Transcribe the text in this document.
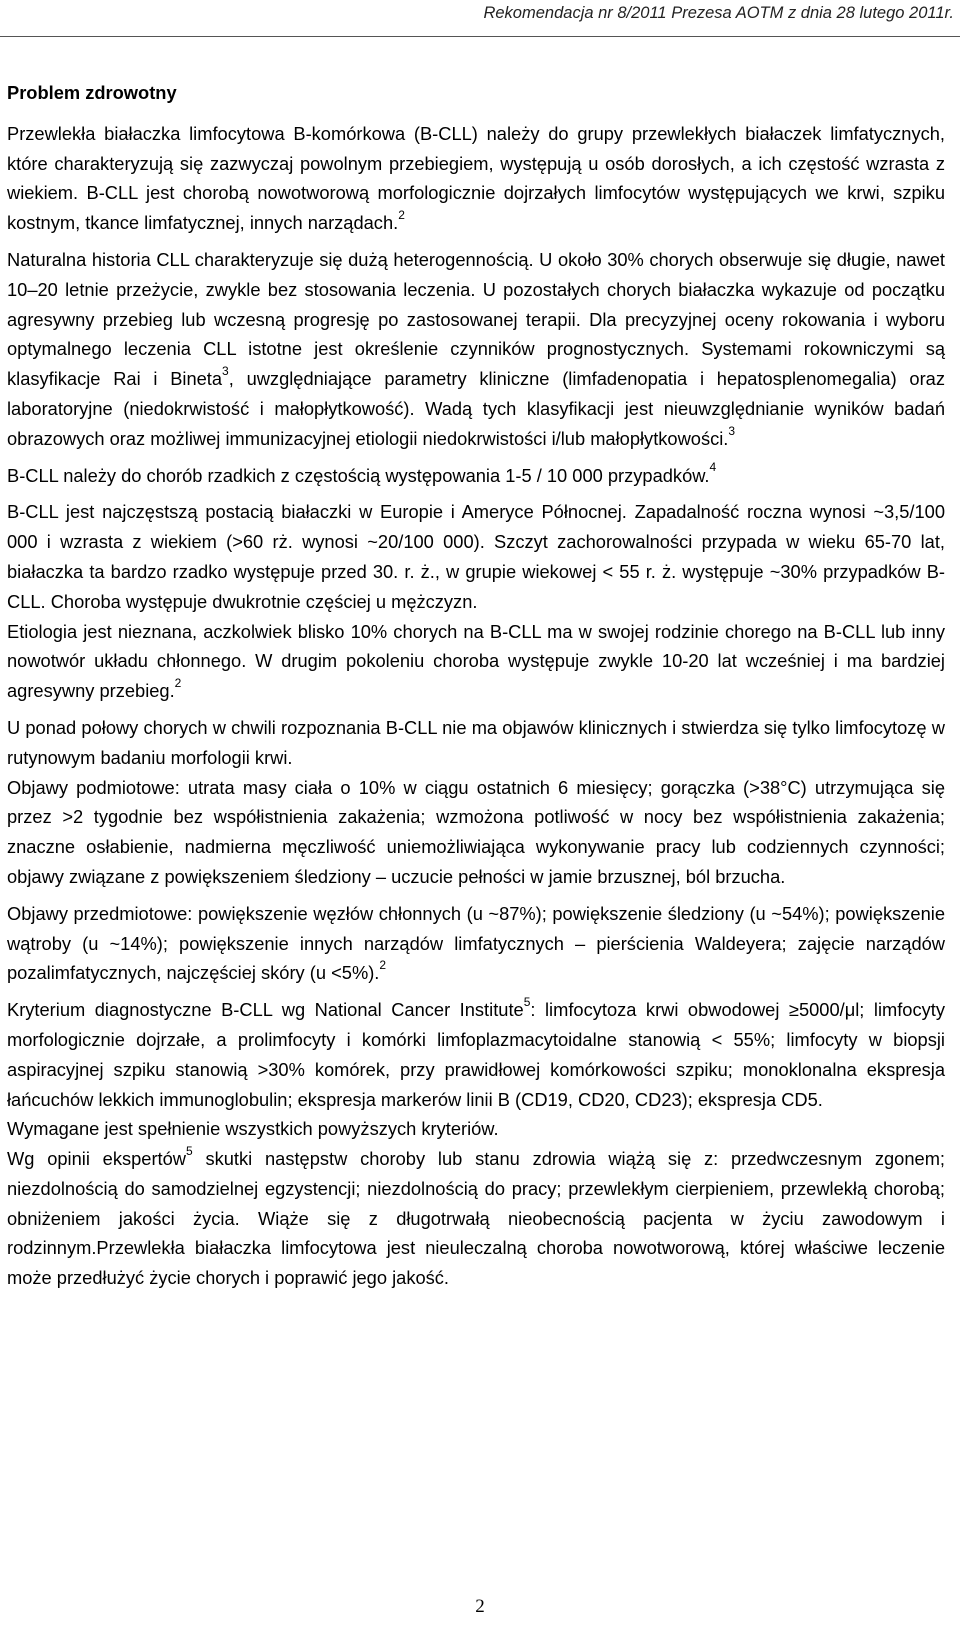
Rekomendacja nr 8/2011 Prezesa AOTM z dnia 28 lutego 2011r.

Problem zdrowotny

Przewlekła białaczka limfocytowa B-komórkowa (B-CLL) należy do grupy przewlekłych białaczek limfatycznych, które charakteryzują się zazwyczaj powolnym przebiegiem, występują u osób dorosłych, a ich częstość wzrasta z wiekiem. B-CLL jest chorobą nowotworową morfologicznie dojrzałych limfocytów występujących we krwi, szpiku kostnym, tkance limfatycznej, innych narządach.$^2$

Naturalna historia CLL charakteryzuje się dużą heterogennością. U około 30% chorych obserwuje się długie, nawet 10–20 letnie przeżycie, zwykle bez stosowania leczenia. U pozostałych chorych białaczka wykazuje od początku agresywny przebieg lub wczesną progresję po zastosowanej terapii. Dla precyzyjnej oceny rokowania i wyboru optymalnego leczenia CLL istotne jest określenie czynników prognostycznych. Systemami rokowniczymi są klasyfikacje Rai i Bineta$^3$, uwzględniające parametry kliniczne (limfadenopatia i hepatosplenomegalia) oraz laboratoryjne (niedokrwistość i małopłytkowość). Wadą tych klasyfikacji jest nieuwzględnianie wyników badań obrazowych oraz możliwej immunizacyjnej etiologii niedokrwistości i/lub małopłytkowości.$^3$

B-CLL należy do chorób rzadkich z częstością występowania 1-5 / 10 000 przypadków.$^4$

B-CLL jest najczęstszą postacią białaczki w Europie i Ameryce Północnej. Zapadalność roczna wynosi ~3,5/100 000 i wzrasta z wiekiem (>60 rż. wynosi ~20/100 000). Szczyt zachorowalności przypada w wieku 65-70 lat, białaczka ta bardzo rzadko występuje przed 30. r. ż., w grupie wiekowej < 55 r. ż. występuje ~30% przypadków B-CLL. Choroba występuje dwukrotnie częściej u mężczyzn.

Etiologia jest nieznana, aczkolwiek blisko 10% chorych na B-CLL ma w swojej rodzinie chorego na B-CLL lub inny nowotwór układu chłonnego. W drugim pokoleniu choroba występuje zwykle 10-20 lat wcześniej i ma bardziej agresywny przebieg.$^2$

U ponad połowy chorych w chwili rozpoznania B-CLL nie ma objawów klinicznych i stwierdza się tylko limfocytozę w rutynowym badaniu morfologii krwi.

Objawy podmiotowe: utrata masy ciała o 10% w ciągu ostatnich 6 miesięcy; gorączka (>38°C) utrzymująca się przez >2 tygodnie bez współistnienia zakażenia; wzmożona potliwość w nocy bez współistnienia zakażenia; znaczne osłabienie, nadmierna męczliwość uniemożliwiająca wykonywanie pracy lub codziennych czynności; objawy związane z powiększeniem śledziony – uczucie pełności w jamie brzusznej, ból brzucha.

Objawy przedmiotowe: powiększenie węzłów chłonnych (u ~87%); powiększenie śledziony (u ~54%); powiększenie wątroby (u ~14%); powiększenie innych narządów limfatycznych – pierścienia Waldeyera; zajęcie narządów pozalimfatycznych, najczęściej skóry (u <5%).$^2$

Kryterium diagnostyczne B-CLL wg National Cancer Institute$^5$: limfocytoza krwi obwodowej ≥5000/μl; limfocyty morfologicznie dojrzałe, a prolimfocyty i komórki limfoplazmacytoidalne stanowią < 55%; limfocyty w biopsji aspiracyjnej szpiku stanowią >30% komórek, przy prawidłowej komórkowości szpiku; monoklonalna ekspresja łańcuchów lekkich immunoglobulin; ekspresja markerów linii B (CD19, CD20, CD23); ekspresja CD5.

Wymagane jest spełnienie wszystkich powyższych kryteriów.

Wg opinii ekspertów$^5$ skutki następstw choroby lub stanu zdrowia wiążą się z: przedwczesnym zgonem; niezdolnością do samodzielnej egzystencji; niezdolnością do pracy; przewlekłym cierpieniem, przewlekłą chorobą; obniżeniem jakości życia. Wiąże się z długotrwałą nieobecnością pacjenta w życiu zawodowym i rodzinnym.Przewlekła białaczka limfocytowa jest nieuleczalną choroba nowotworową, której właściwe leczenie może przedłużyć życie chorych i poprawić jego jakość.

2
